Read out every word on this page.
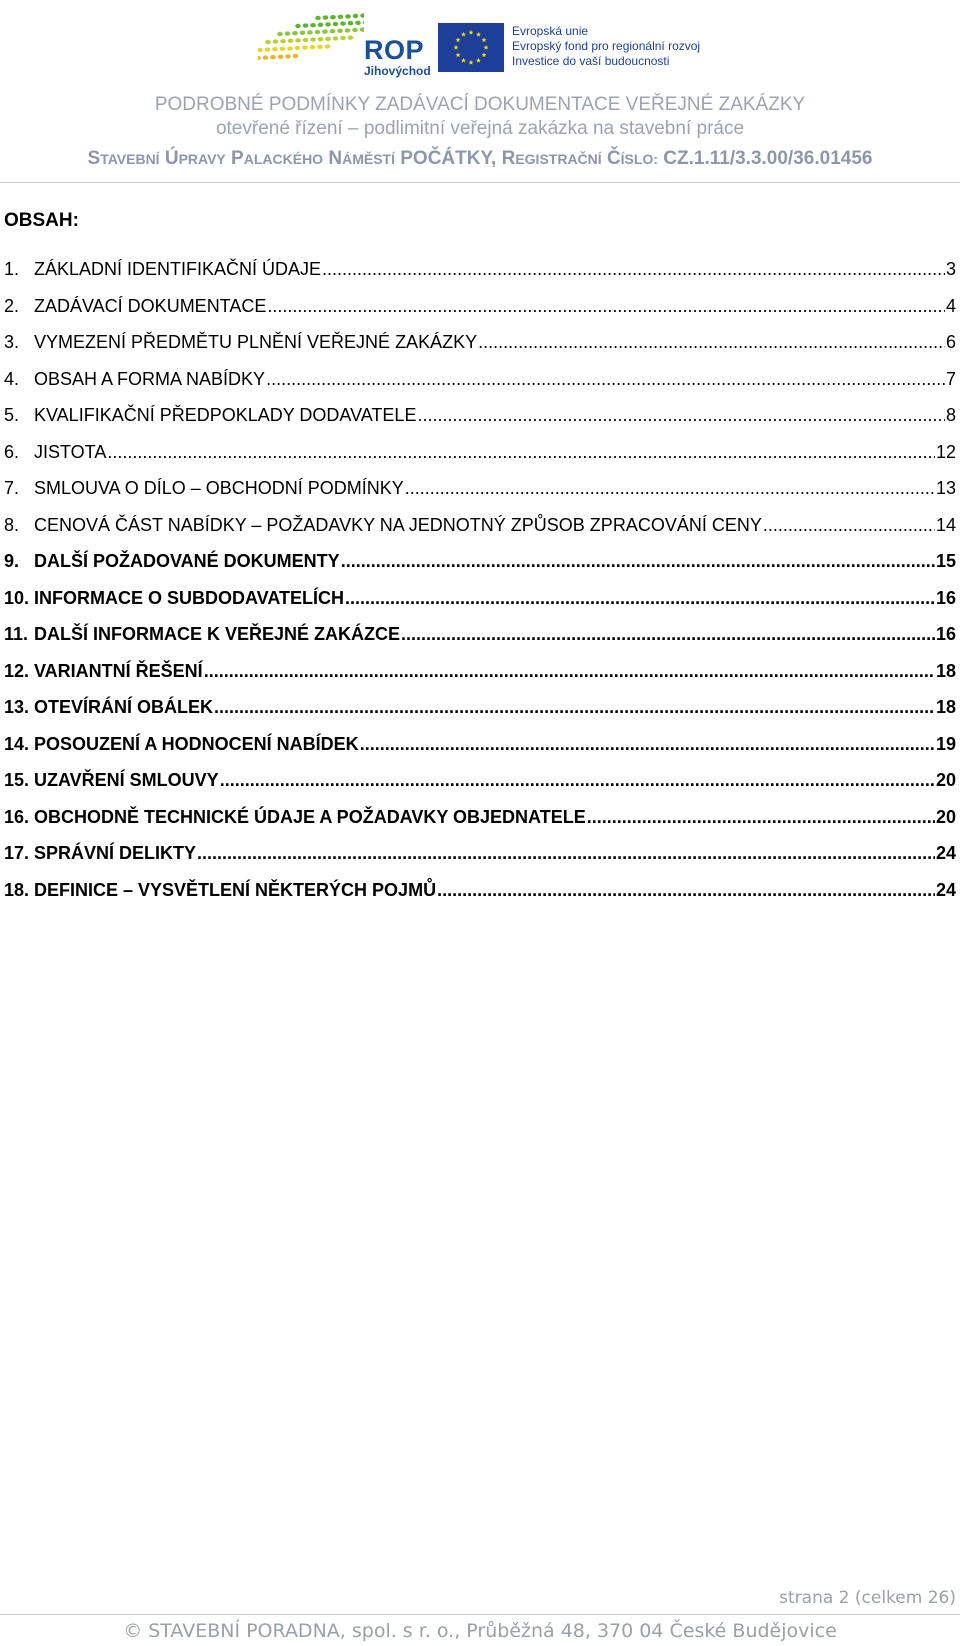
ROP
Jihovýchod
Evropská unie
Evropský fond pro regionální rozvoj
Investice do vaší budoucnosti
PODROBNÉ PODMÍNKY ZADÁVACÍ DOKUMENTACE VEŘEJNÉ ZAKÁZKY
otevřené řízení – podlimitní veřejná zakázka na stavební práce
STAVEBNÍ ÚPRAVY PALACKÉHO NÁMĚSTÍ POČÁTKY, REGISTRAČNÍ ČÍSLO: CZ.1.11/3.3.00/36.01456
OBSAH:
1. ZÁKLADNÍ IDENTIFIKAČNÍ ÚDAJE .....	3
2. ZADÁVACÍ DOKUMENTACE .....	4
3. VYMEZENÍ PŘEDMĚTU PLNĚNÍ VEŘEJNÉ ZAKÁZKY .....	6
4. OBSAH A FORMA NABÍDKY .....	7
5. KVALIFIKAČNÍ PŘEDPOKLADY DODAVATELE .....	8
6. JISTOTA .....	12
7. SMLOUVA O DÍLO – OBCHODNÍ PODMÍNKY .....	13
8. CENOVÁ ČÁST NABÍDKY – POŽADAVKY NA JEDNOTNÝ ZPŮSOB ZPRACOVÁNÍ CENY .....	14
9. DALŠÍ POŽADOVANÉ DOKUMENTY .....	15
10. INFORMACE O SUBDODAVATELÍCH .....	16
11. DALŠÍ INFORMACE K VEŘEJNÉ ZAKÁZCE .....	16
12. VARIANTNÍ ŘEŠENÍ .....	18
13. OTEVÍRÁNÍ OBÁLEK .....	18
14. POSOUZENÍ A HODNOCENÍ NABÍDEK .....	19
15. UZAVŘENÍ SMLOUVY .....	20
16. OBCHODNĚ TECHNICKÉ ÚDAJE A POŽADAVKY OBJEDNATELE .....	20
17. SPRÁVNÍ DELIKTY .....	24
18. DEFINICE – VYSVĚTLENÍ NĚKTERÝCH POJMŮ .....	24
strana 2 (celkem 26)
© STAVEBNÍ PORADNA, spol. s r. o., Průběžná 48, 370 04 České Budějovice
